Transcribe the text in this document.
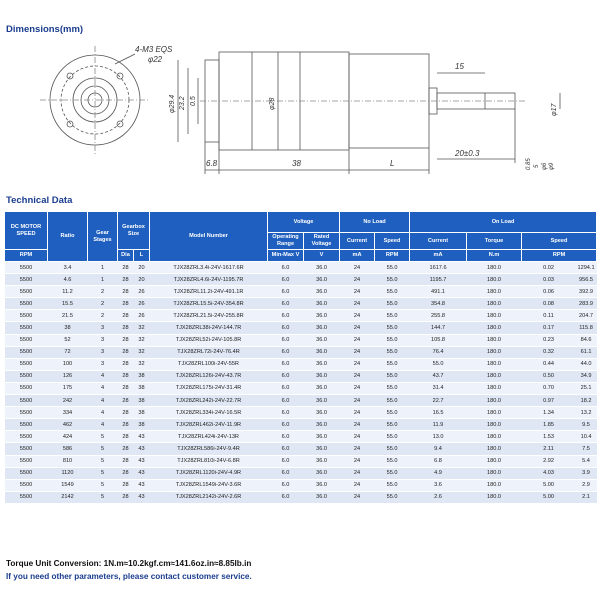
Dimensions(mm)
4-M3 EQS
φ22
φ29.4 23.2 0.5	φ28
15
φ17
5
0.85 φ6 φ9
20±0.3
6.8	38	L
Technical Data
DC MOTOR SPEED	Ratio	Gear Stages	Gearbox Size		Model Number	Voltage		No Load		On Load			
						Operating Range	Rated Voltage	Current	Speed	Current	Torque	Speed	
RPM			Dia	L		Min-Max V	V	mA	RPM	mA	N.m	RPM	
5500	3.4	1	28	20	TJX28ZRL3.4i-24V-1617.6R	6.0	36.0	24	55.0	1617.6	180.0	0.02	1294.1
5500	4.6	1	28	20	TJX28ZRL4.6i-24V-1195.7R	6.0	36.0	24	55.0	1195.7	180.0	0.03	956.5
5500	11.2	2	28	26	TJX28ZRL11.2i-24V-491.1R	6.0	36.0	24	55.0	491.1	180.0	0.06	392.9
5500	15.5	2	28	26	TJX28ZRL15.5i-24V-354.8R	6.0	36.0	24	55.0	354.8	180.0	0.08	283.9
5500	21.5	2	28	26	TJX28ZRL21.5i-24V-255.8R	6.0	36.0	24	55.0	255.8	180.0	0.11	204.7
5500	38	3	28	32	TJX28ZRL38i-24V-144.7R	6.0	36.0	24	55.0	144.7	180.0	0.17	115.8
5500	52	3	28	32	TJX28ZRL52i-24V-105.8R	6.0	36.0	24	55.0	105.8	180.0	0.23	84.6
5500	72	3	28	32	TJX28ZRL72i-24V-76.4R	6.0	36.0	24	55.0	76.4	180.0	0.32	61.1
5500	100	3	28	32	TJX28ZRL100i-24V-55R	6.0	36.0	24	55.0	55.0	180.0	0.44	44.0
5500	126	4	28	38	TJX28ZRL126i-24V-43.7R	6.0	36.0	24	55.0	43.7	180.0	0.50	34.9
5500	175	4	28	38	TJX28ZRL175i-24V-31.4R	6.0	36.0	24	55.0	31.4	180.0	0.70	25.1
5500	242	4	28	38	TJX28ZRL242i-24V-22.7R	6.0	36.0	24	55.0	22.7	180.0	0.97	18.2
5500	334	4	28	38	TJX28ZRL334i-24V-16.5R	6.0	36.0	24	55.0	16.5	180.0	1.34	13.2
5500	462	4	28	38	TJX28ZRL462i-24V-11.9R	6.0	36.0	24	55.0	11.9	180.0	1.85	9.5
5500	424	5	28	43	TJX28ZRL424i-24V-13R	6.0	36.0	24	55.0	13.0	180.0	1.53	10.4
5500	586	5	28	43	TJX28ZRL586i-24V-9.4R	6.0	36.0	24	55.0	9.4	180.0	2.11	7.5
5500	810	5	28	43	TJX28ZRL810i-24V-6.8R	6.0	36.0	24	55.0	6.8	180.0	2.92	5.4
5500	1120	5	28	43	TJX28ZRL1120i-24V-4.9R	6.0	36.0	24	55.0	4.9	180.0	4.03	3.9
5500	1549	5	28	43	TJX28ZRL1549i-24V-3.6R	6.0	36.0	24	55.0	3.6	180.0	5.00	2.9
5500	2142	5	28	43	TJX28ZRL2142i-24V-2.6R	6.0	36.0	24	55.0	2.6	180.0	5.00	2.1
Torque Unit Conversion: 1N.m≈10.2kgf.cm≈141.6oz.in≈8.85lb.in
If you need other parameters, please contact customer service.
